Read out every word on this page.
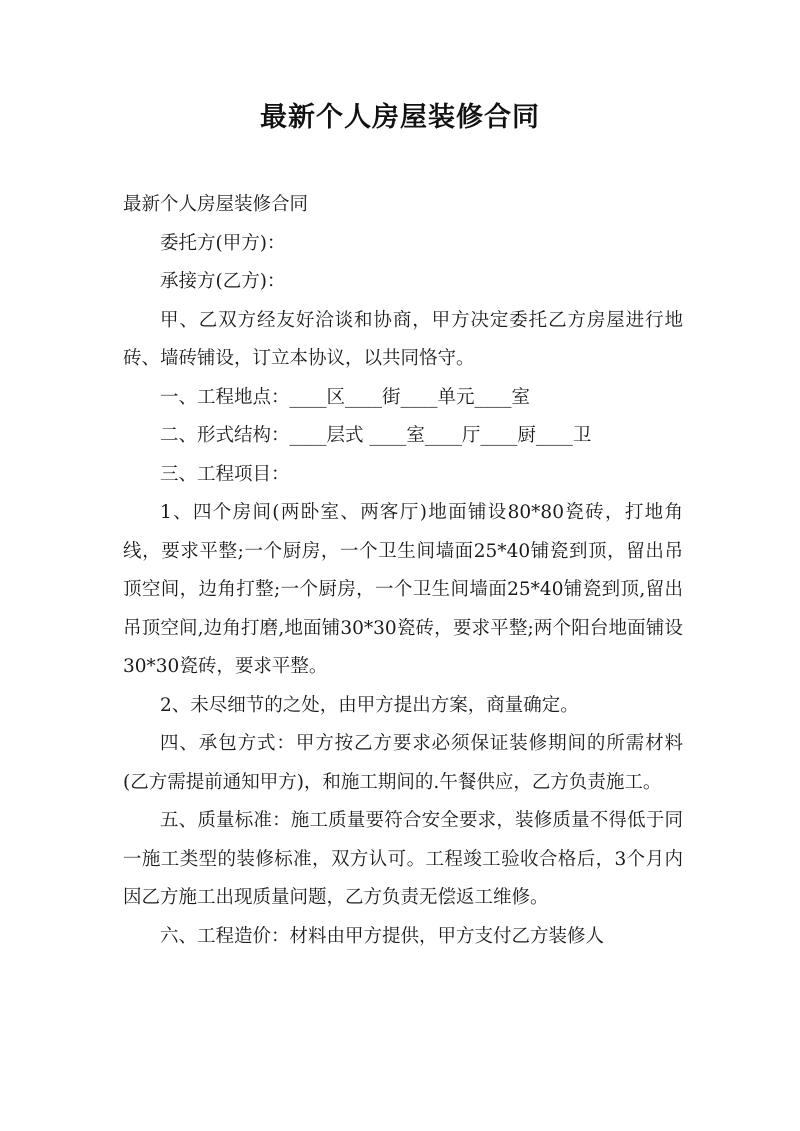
最新个人房屋装修合同

最新个人房屋装修合同

委托方(甲方)：

承接方(乙方)：

甲、乙双方经友好洽谈和协商，甲方决定委托乙方房屋进行地砖、墙砖铺设，订立本协议，以共同恪守。

一、工程地点：____区____街____单元____室

二、形式结构：____层式 ____室____厅____厨____卫

三、工程项目：

1、四个房间(两卧室、两客厅)地面铺设80*80瓷砖，打地角线，要求平整;一个厨房，一个卫生间墙面25*40铺瓷到顶，留出吊顶空间，边角打整;一个厨房，一个卫生间墙面25*40铺瓷到顶,留出吊顶空间,边角打磨,地面铺30*30瓷砖，要求平整;两个阳台地面铺设30*30瓷砖，要求平整。

2、未尽细节的之处，由甲方提出方案，商量确定。

四、承包方式：甲方按乙方要求必须保证装修期间的所需材料(乙方需提前通知甲方)，和施工期间的.午餐供应，乙方负责施工。

五、质量标准：施工质量要符合安全要求，装修质量不得低于同一施工类型的装修标准，双方认可。工程竣工验收合格后，3个月内因乙方施工出现质量问题，乙方负责无偿返工维修。

六、工程造价：材料由甲方提供，甲方支付乙方装修人
